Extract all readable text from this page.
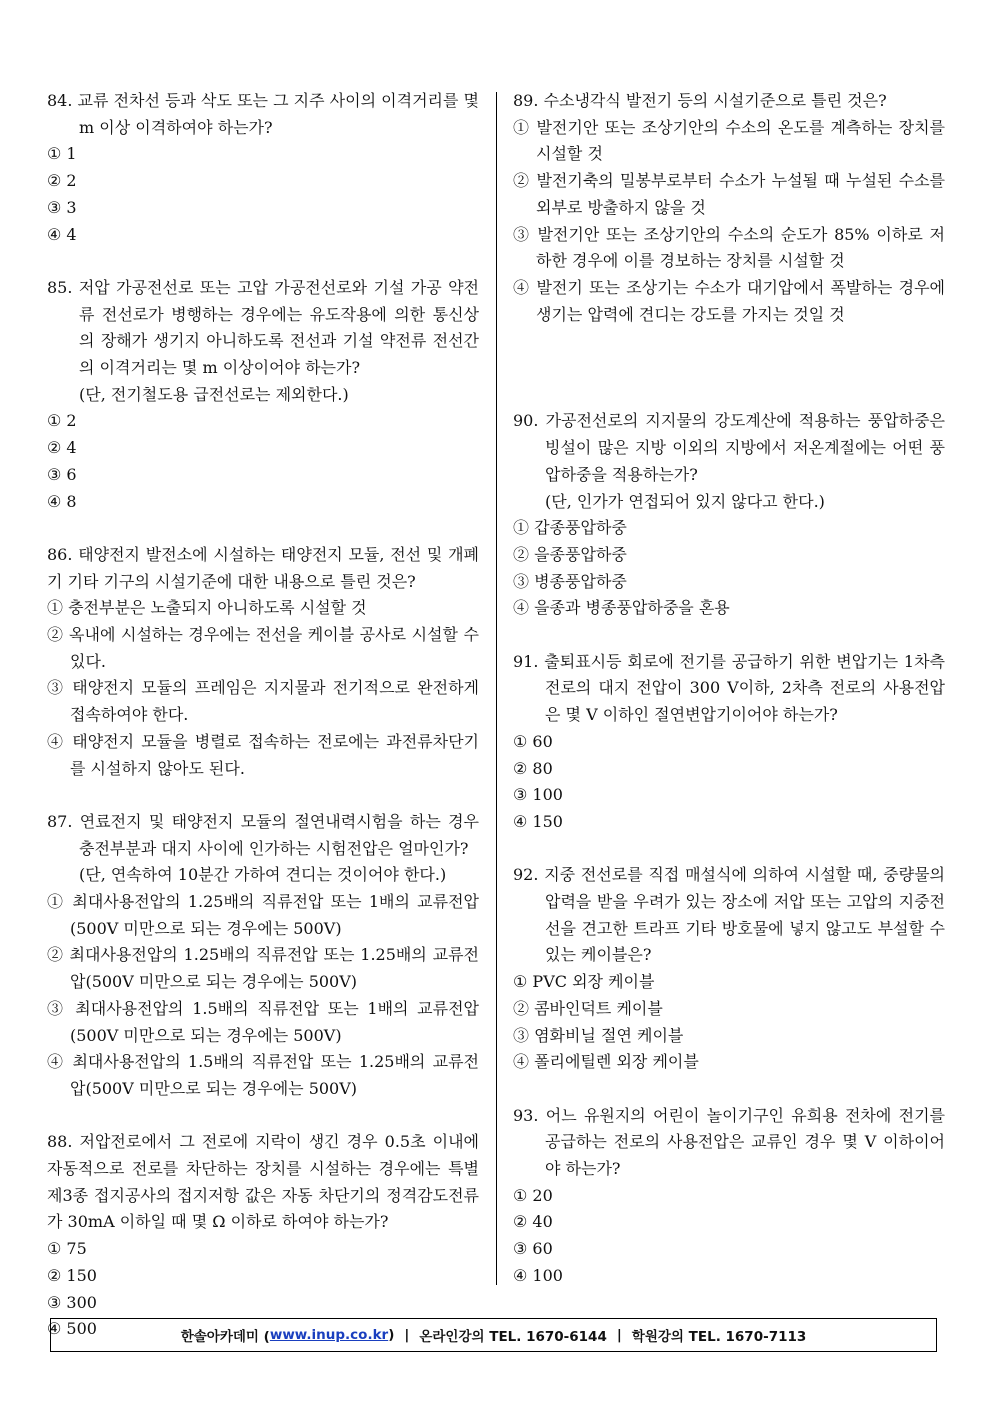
84. 교류 전차선 등과 삭도 또는 그 지주 사이의 이격거리를 몇 m 이상 이격하여야 하는가?

① 1② 2 ③ 3④ 4

85. 저압 가공전선로 또는 고압 가공전선로와 기설 가공 약전류 전선로가 병행하는 경우에는 유도작용에 의한 통신상의 장해가 생기지 아니하도록 전선과 기설 약전류 전선간의 이격거리는 몇 m 이상이어야 하는가?

(단, 전기철도용 급전선로는 제외한다.)

① 2② 4 ③ 6④ 8

86. 태양전지 발전소에 시설하는 태양전지 모듈, 전선 및 개폐기 기타 기구의 시설기준에 대한 내용으로 틀린 것은?

① 충전부분은 노출되지 아니하도록 시설할 것
② 옥내에 시설하는 경우에는 전선을 케이블 공사로 시설할 수 있다.
③ 태양전지 모듈의 프레임은 지지물과 전기적으로 완전하게 접속하여야 한다.
④ 태양전지 모듈을 병렬로 접속하는 전로에는 과전류차단기를 시설하지 않아도 된다.

87. 연료전지 및 태양전지 모듈의 절연내력시험을 하는 경우 충전부분과 대지 사이에 인가하는 시험전압은 얼마인가?

(단, 연속하여 10분간 가하여 견디는 것이어야 한다.)

① 최대사용전압의 1.25배의 직류전압 또는 1배의 교류전압(500V 미만으로 되는 경우에는 500V)
② 최대사용전압의 1.25배의 직류전압 또는 1.25배의 교류전압(500V 미만으로 되는 경우에는 500V)
③ 최대사용전압의 1.5배의 직류전압 또는 1배의 교류전압(500V 미만으로 되는 경우에는 500V)
④ 최대사용전압의 1.5배의 직류전압 또는 1.25배의 교류전압(500V 미만으로 되는 경우에는 500V)

88. 저압전로에서 그 전로에 지락이 생긴 경우 0.5초 이내에 자동적으로 전로를 차단하는 장치를 시설하는 경우에는 특별 제3종 접지공사의 접지저항 값은 자동 차단기의 정격감도전류가 30mA 이하일 때 몇 Ω 이하로 하여야 하는가?

① 75
② 150
③ 300
④ 500

89. 수소냉각식 발전기 등의 시설기준으로 틀린 것은?

① 발전기안 또는 조상기안의 수소의 온도를 계측하는 장치를 시설할 것
② 발전기축의 밀봉부로부터 수소가 누설될 때 누설된 수소를 외부로 방출하지 않을 것
③ 발전기안 또는 조상기안의 수소의 순도가 85% 이하로 저하한 경우에 이를 경보하는 장치를 시설할 것
④ 발전기 또는 조상기는 수소가 대기압에서 폭발하는 경우에 생기는 압력에 견디는 강도를 가지는 것일 것

90. 가공전선로의 지지물의 강도계산에 적용하는 풍압하중은 빙설이 많은 지방 이외의 지방에서 저온계절에는 어떤 풍압하중을 적용하는가?

(단, 인가가 연접되어 있지 않다고 한다.)

① 갑종풍압하중
② 을종풍압하중
③ 병종풍압하중
④ 을종과 병종풍압하중을 혼용

91. 출퇴표시등 회로에 전기를 공급하기 위한 변압기는 1차측 전로의 대지 전압이 300 V이하, 2차측 전로의 사용전압은 몇 V 이하인 절연변압기이어야 하는가?

① 60
② 80
③ 100
④ 150

92. 지중 전선로를 직접 매설식에 의하여 시설할 때, 중량물의 압력을 받을 우려가 있는 장소에 저압 또는 고압의 지중전선을 견고한 트라프 기타 방호물에 넣지 않고도 부설할 수 있는 케이블은?

① PVC 외장 케이블
② 콤바인덕트 케이블
③ 염화비닐 절연 케이블
④ 폴리에틸렌 외장 케이블

93. 어느 유원지의 어린이 놀이기구인 유희용 전차에 전기를 공급하는 전로의 사용전압은 교류인 경우 몇 V 이하이어야 하는가?

① 20
② 40
③ 60
④ 100
한솔아카데미 ( www.inup.co.kr ) | 온라인강의 TEL. 1670-6144 | 학원강의 TEL. 1670-7113
